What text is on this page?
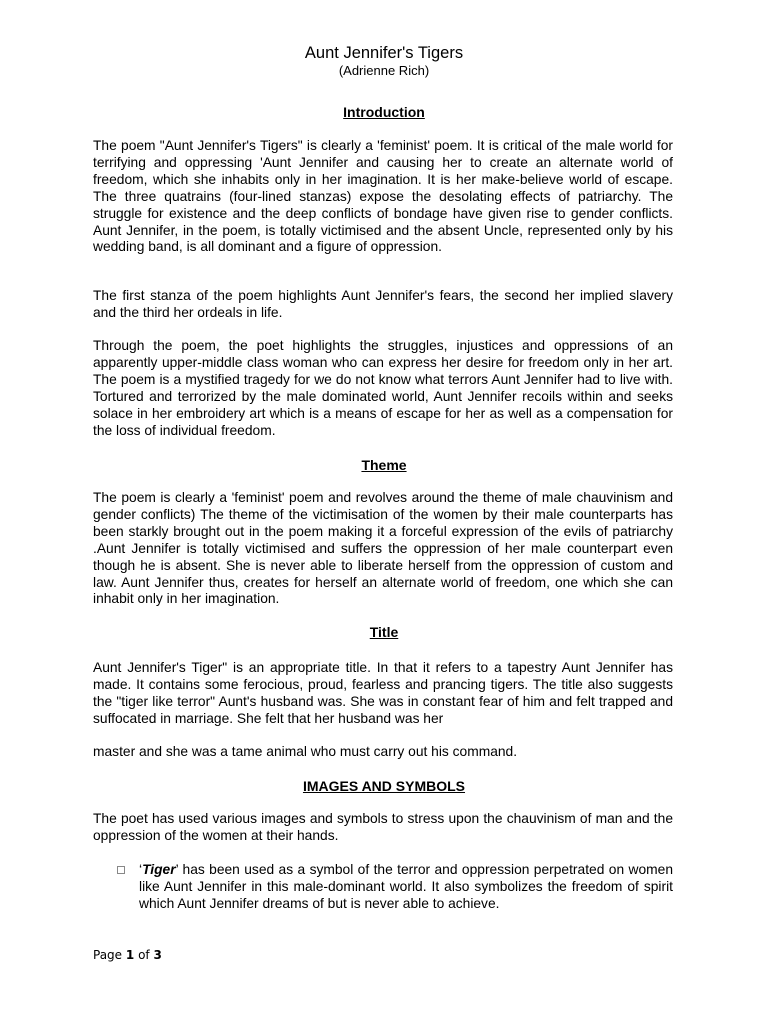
Aunt Jennifer's Tigers
(Adrienne Rich)
Introduction

The poem "Aunt Jennifer's Tigers" is clearly a 'feminist' poem. It is critical of the male world for terrifying and oppressing 'Aunt Jennifer and causing her to create an alternate world of freedom, which she inhabits only in her imagination. It is her make-believe world of escape. The three quatrains (four-lined stanzas) expose the desolating effects of patriarchy. The struggle for existence and the deep conflicts of bondage have given rise to gender conflicts. Aunt Jennifer, in the poem, is totally victimised and the absent Uncle, represented only by his wedding band, is all dominant and a figure of oppression.

The first stanza of the poem highlights Aunt Jennifer's fears, the second her implied slavery and the third her ordeals in life.

Through the poem, the poet highlights the struggles, injustices and oppressions of an apparently upper-middle class woman who can express her desire for freedom only in her art. The poem is a mystified tragedy for we do not know what terrors Aunt Jennifer had to live with. Tortured and terrorized by the male dominated world, Aunt Jennifer recoils within and seeks solace in her embroidery art which is a means of escape for her as well as a compensation for the loss of individual freedom.

Theme

The poem is clearly a 'feminist' poem and revolves around the theme of male chauvinism and gender conflicts) The theme of the victimisation of the women by their male counterparts has been starkly brought out in the poem making it a forceful expression of the evils of patriarchy .Aunt Jennifer is totally victimised and suffers the oppression of her male counterpart even though he is absent. She is never able to liberate herself from the oppression of custom and law. Aunt Jennifer thus, creates for herself an alternate world of freedom, one which she can inhabit only in her imagination.

Title

Aunt Jennifer's Tiger" is an appropriate title. In that it refers to a tapestry Aunt Jennifer has made. It contains some ferocious, proud, fearless and prancing tigers. The title also suggests the "tiger like terror" Aunt's husband was. She was in constant fear of him and felt trapped and suffocated in marriage. She felt that her husband was her

master and she was a tame animal who must carry out his command.

IMAGES AND SYMBOLS

The poet has used various images and symbols to stress upon the chauvinism of man and the oppression of the women at their hands.

‘Tiger’ has been used as a symbol of the terror and oppression perpetrated on women like Aunt Jennifer in this male-dominant world. It also symbolizes the freedom of spirit which Aunt Jennifer dreams of but is never able to achieve.
Page 1 of 3
